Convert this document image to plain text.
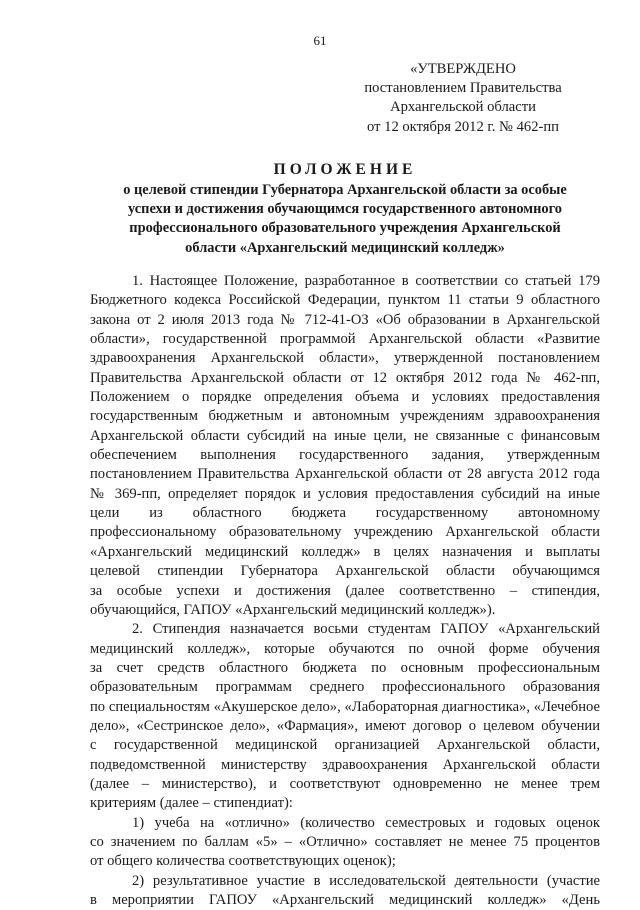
61
«УТВЕРЖДЕНО
постановлением Правительства
Архангельской области
от 12 октября 2012 г. № 462-пп
ПОЛОЖЕНИЕ
о целевой стипендии Губернатора Архангельской области за особые
успехи и достижения обучающимся государственного автономного
профессионального образовательного учреждения Архангельской
области «Архангельский медицинский колледж»
1. Настоящее Положение, разработанное в соответствии со статьей 179
Бюджетного кодекса Российской Федерации, пунктом 11 статьи 9 областного
закона от 2 июля 2013 года № 712-41-ОЗ «Об образовании в Архангельской
области», государственной программой Архангельской области «Развитие
здравоохранения Архангельской области», утвержденной постановлением
Правительства Архангельской области от 12 октября 2012 года № 462-пп,
Положением о порядке определения объема и условиях предоставления
государственным бюджетным и автономным учреждениям здравоохранения
Архангельской области субсидий на иные цели, не связанные с финансовым
обеспечением выполнения государственного задания, утвержденным
постановлением Правительства Архангельской области от 28 августа 2012 года
№ 369-пп, определяет порядок и условия предоставления субсидий на иные
цели из областного бюджета государственному автономному
профессиональному образовательному учреждению Архангельской области
«Архангельский медицинский колледж» в целях назначения и выплаты
целевой стипендии Губернатора Архангельской области обучающимся
за особые успехи и достижения (далее соответственно – стипендия,
обучающийся, ГАПОУ «Архангельский медицинский колледж»).
2. Стипендия назначается восьми студентам ГАПОУ «Архангельский
медицинский колледж», которые обучаются по очной форме обучения
за счет средств областного бюджета по основным профессиональным
образовательным программам среднего профессионального образования
по специальностям «Акушерское дело», «Лабораторная диагностика», «Лечебное
дело», «Сестринское дело», «Фармация», имеют договор о целевом обучении
с государственной медицинской организацией Архангельской области,
подведомственной министерству здравоохранения Архангельской области
(далее – министерство), и соответствуют одновременно не менее трем
критериям (далее – стипендиат):
1) учеба на «отлично» (количество семестровых и годовых оценок
со значением по баллам «5» – «Отлично» составляет не менее 75 процентов
от общего количества соответствующих оценок);
2) результативное участие в исследовательской деятельности (участие
в мероприятии ГАПОУ «Архангельский медицинский колледж» «День
